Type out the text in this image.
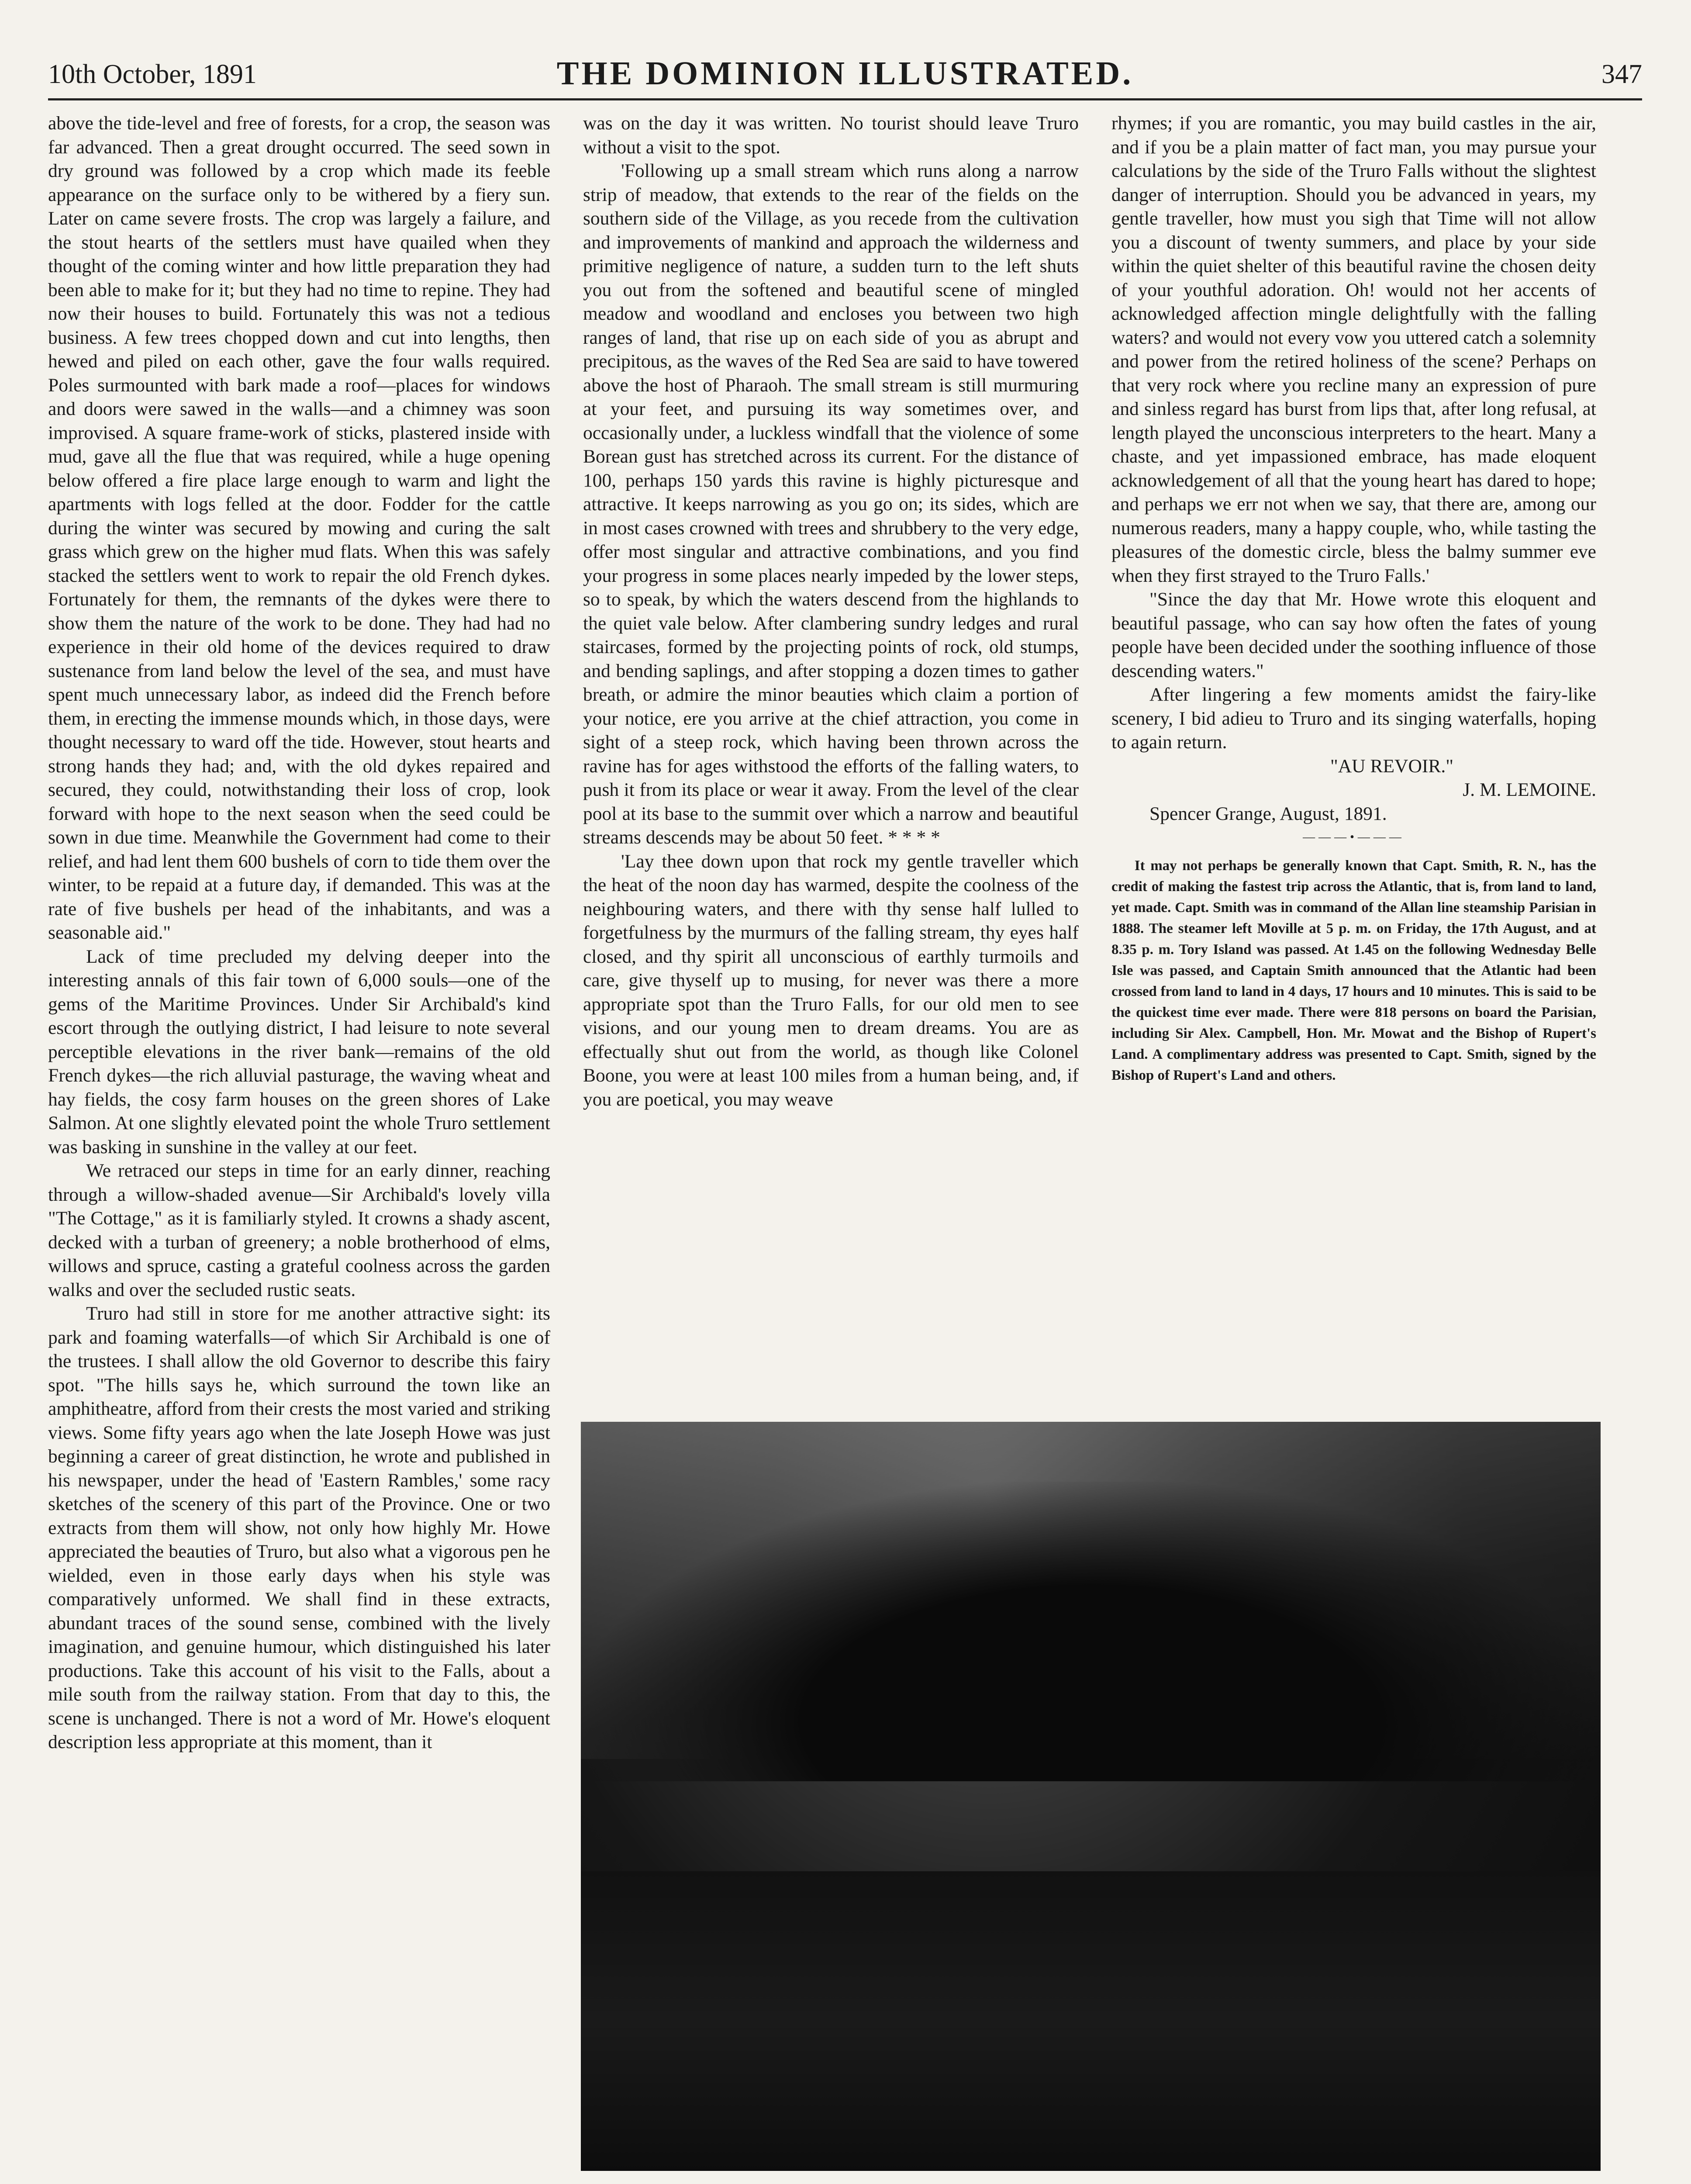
10th October, 1891	THE DOMINION ILLUSTRATED.	347

above the tide-level and free of forests, for a crop, the season was far advanced. Then a great drought occurred. The seed sown in dry ground was followed by a crop which made its feeble appearance on the surface only to be withered by a fiery sun. Later on came severe frosts. The crop was largely a failure, and the stout hearts of the settlers must have quailed when they thought of the coming winter and how little preparation they had been able to make for it; but they had no time to repine. They had now their houses to build. Fortunately this was not a tedious business. A few trees chopped down and cut into lengths, then hewed and piled on each other, gave the four walls required. Poles surmounted with bark made a roof—places for windows and doors were sawed in the walls—and a chimney was soon improvised. A square frame-work of sticks, plastered inside with mud, gave all the flue that was required, while a huge opening below offered a fire place large enough to warm and light the apartments with logs felled at the door. Fodder for the cattle during the winter was secured by mowing and curing the salt grass which grew on the higher mud flats. When this was safely stacked the settlers went to work to repair the old French dykes. Fortunately for them, the remnants of the dykes were there to show them the nature of the work to be done. They had had no experience in their old home of the devices required to draw sustenance from land below the level of the sea, and must have spent much unnecessary labor, as indeed did the French before them, in erecting the immense mounds which, in those days, were thought necessary to ward off the tide. However, stout hearts and strong hands they had; and, with the old dykes repaired and secured, they could, notwithstanding their loss of crop, look forward with hope to the next season when the seed could be sown in due time. Meanwhile the Government had come to their relief, and had lent them 600 bushels of corn to tide them over the winter, to be repaid at a future day, if demanded. This was at the rate of five bushels per head of the inhabitants, and was a seasonable aid."

Lack of time precluded my delving deeper into the interesting annals of this fair town of 6,000 souls—one of the gems of the Maritime Provinces. Under Sir Archibald's kind escort through the outlying district, I had leisure to note several perceptible elevations in the river bank—remains of the old French dykes—the rich alluvial pasturage, the waving wheat and hay fields, the cosy farm houses on the green shores of Lake Salmon. At one slightly elevated point the whole Truro settlement was basking in sunshine in the valley at our feet.

We retraced our steps in time for an early dinner, reaching through a willow-shaded avenue—Sir Archibald's lovely villa "The Cottage," as it is familiarly styled. It crowns a shady ascent, decked with a turban of greenery; a noble brotherhood of elms, willows and spruce, casting a grateful coolness across the garden walks and over the secluded rustic seats.

Truro had still in store for me another attractive sight: its park and foaming waterfalls—of which Sir Archibald is one of the trustees. I shall allow the old Governor to describe this fairy spot. "The hills says he, which surround the town like an amphitheatre, afford from their crests the most varied and striking views. Some fifty years ago when the late Joseph Howe was just beginning a career of great distinction, he wrote and published in his newspaper, under the head of 'Eastern Rambles,' some racy sketches of the scenery of this part of the Province. One or two extracts from them will show, not only how highly Mr. Howe appreciated the beauties of Truro, but also what a vigorous pen he wielded, even in those early days when his style was comparatively unformed. We shall find in these extracts, abundant traces of the sound sense, combined with the lively imagination, and genuine humour, which distinguished his later productions. Take this account of his visit to the Falls, about a mile south from the railway station. From that day to this, the scene is unchanged. There is not a word of Mr. Howe's eloquent description less appropriate at this moment, than it

was on the day it was written. No tourist should leave Truro without a visit to the spot.

'Following up a small stream which runs along a narrow strip of meadow, that extends to the rear of the fields on the southern side of the Village, as you recede from the cultivation and improvements of mankind and approach the wilderness and primitive negligence of nature, a sudden turn to the left shuts you out from the softened and beautiful scene of mingled meadow and woodland and encloses you between two high ranges of land, that rise up on each side of you as abrupt and precipitous, as the waves of the Red Sea are said to have towered above the host of Pharaoh. The small stream is still murmuring at your feet, and pursuing its way sometimes over, and occasionally under, a luckless windfall that the violence of some Borean gust has stretched across its current. For the distance of 100, perhaps 150 yards this ravine is highly picturesque and attractive. It keeps narrowing as you go on; its sides, which are in most cases crowned with trees and shrubbery to the very edge, offer most singular and attractive combinations, and you find your progress in some places nearly impeded by the lower steps, so to speak, by which the waters descend from the highlands to the quiet vale below. After clambering sundry ledges and rural staircases, formed by the projecting points of rock, old stumps, and bending saplings, and after stopping a dozen times to gather breath, or admire the minor beauties which claim a portion of your notice, ere you arrive at the chief attraction, you come in sight of a steep rock, which having been thrown across the ravine has for ages withstood the efforts of the falling waters, to push it from its place or wear it away. From the level of the clear pool at its base to the summit over which a narrow and beautiful streams descends may be about 50 feet. * * * *

'Lay thee down upon that rock my gentle traveller which the heat of the noon day has warmed, despite the coolness of the neighbouring waters, and there with thy sense half lulled to forgetfulness by the murmurs of the falling stream, thy eyes half closed, and thy spirit all unconscious of earthly turmoils and care, give thyself up to musing, for never was there a more appropriate spot than the Truro Falls, for our old men to see visions, and our young men to dream dreams. You are as effectually shut out from the world, as though like Colonel Boone, you were at least 100 miles from a human being, and, if you are poetical, you may weave

rhymes; if you are romantic, you may build castles in the air, and if you be a plain matter of fact man, you may pursue your calculations by the side of the Truro Falls without the slightest danger of interruption. Should you be advanced in years, my gentle traveller, how must you sigh that Time will not allow you a discount of twenty summers, and place by your side within the quiet shelter of this beautiful ravine the chosen deity of your youthful adoration. Oh! would not her accents of acknowledged affection mingle delightfully with the falling waters? and would not every vow you uttered catch a solemnity and power from the retired holiness of the scene? Perhaps on that very rock where you recline many an expression of pure and sinless regard has burst from lips that, after long refusal, at length played the unconscious interpreters to the heart. Many a chaste, and yet impassioned embrace, has made eloquent acknowledgement of all that the young heart has dared to hope; and perhaps we err not when we say, that there are, among our numerous readers, many a happy couple, who, while tasting the pleasures of the domestic circle, bless the balmy summer eve when they first strayed to the Truro Falls.'

"Since the day that Mr. Howe wrote this eloquent and beautiful passage, who can say how often the fates of young people have been decided under the soothing influence of those descending waters."

After lingering a few moments amidst the fairy-like scenery, I bid adieu to Truro and its singing waterfalls, hoping to again return.

"AU REVOIR."

J. M. LEMOINE.

Spencer Grange, August, 1891.

———•———

It may not perhaps be generally known that Capt. Smith, R. N., has the credit of making the fastest trip across the Atlantic, that is, from land to land, yet made. Capt. Smith was in command of the Allan line steamship Parisian in 1888. The steamer left Moville at 5 p. m. on Friday, the 17th August, and at 8.35 p. m. Tory Island was passed. At 1.45 on the following Wednesday Belle Isle was passed, and Captain Smith announced that the Atlantic had been crossed from land to land in 4 days, 17 hours and 10 minutes. This is said to be the quickest time ever made. There were 818 persons on board the Parisian, including Sir Alex. Campbell, Hon. Mr. Mowat and the Bishop of Rupert's Land. A complimentary address was presented to Capt. Smith, signed by the Bishop of Rupert's Land and others.
